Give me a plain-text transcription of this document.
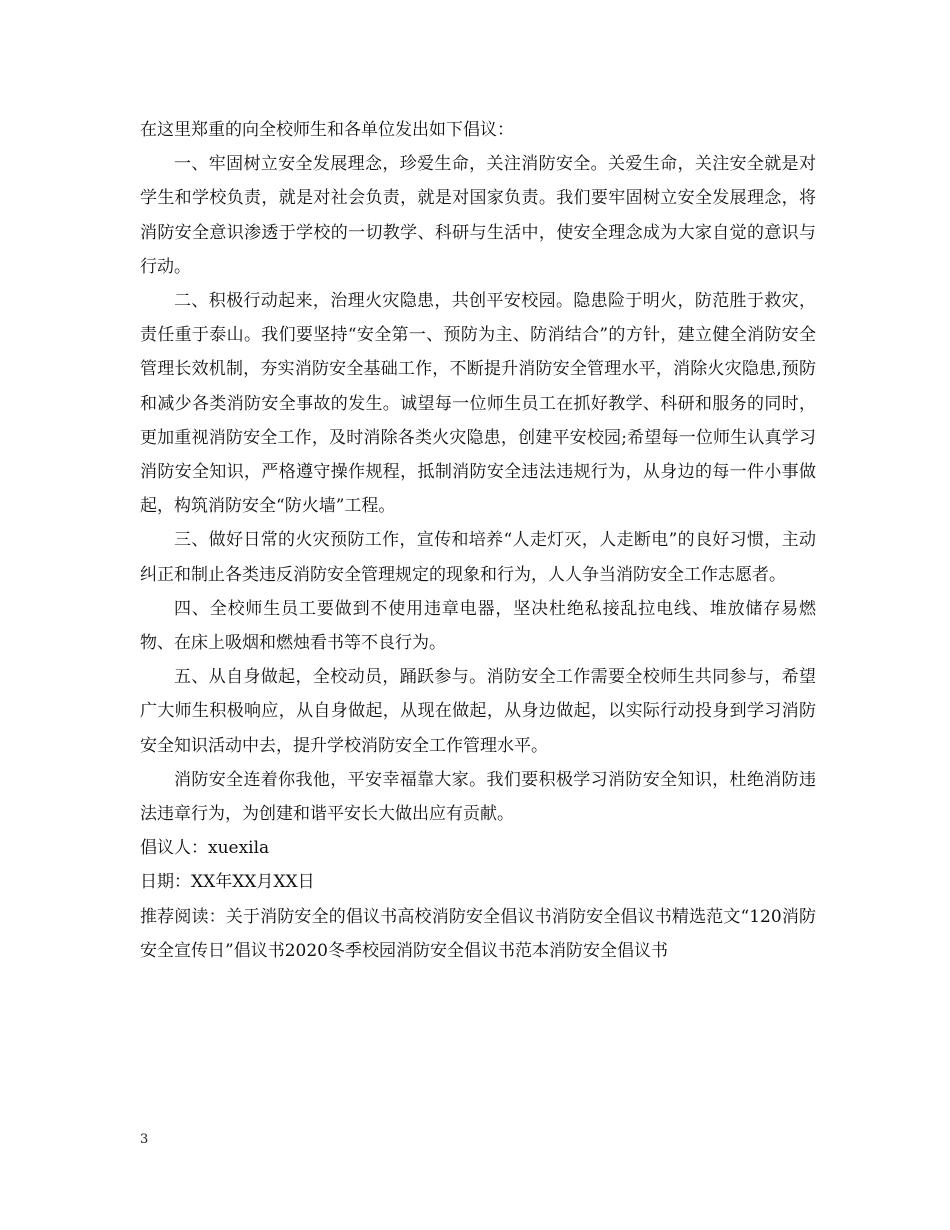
在这里郑重的向全校师生和各单位发出如下倡议：

一、牢固树立安全发展理念，珍爱生命，关注消防安全。关爱生命，关注安全就是对学生和学校负责，就是对社会负责，就是对国家负责。我们要牢固树立安全发展理念，将消防安全意识渗透于学校的一切教学、科研与生活中，使安全理念成为大家自觉的意识与行动。

二、积极行动起来，治理火灾隐患，共创平安校园。隐患险于明火，防范胜于救灾，责任重于泰山。我们要坚持“安全第一、预防为主、防消结合”的方针，建立健全消防安全管理长效机制，夯实消防安全基础工作，不断提升消防安全管理水平，消除火灾隐患,预防和减少各类消防安全事故的发生。诚望每一位师生员工在抓好教学、科研和服务的同时，更加重视消防安全工作，及时消除各类火灾隐患，创建平安校园;希望每一位师生认真学习消防安全知识，严格遵守操作规程，抵制消防安全违法违规行为，从身边的每一件小事做起，构筑消防安全“防火墙”工程。

三、做好日常的火灾预防工作，宣传和培养“人走灯灭，人走断电”的良好习惯，主动纠正和制止各类违反消防安全管理规定的现象和行为，人人争当消防安全工作志愿者。

四、全校师生员工要做到不使用违章电器，坚决杜绝私接乱拉电线、堆放储存易燃物、在床上吸烟和燃烛看书等不良行为。

五、从自身做起，全校动员，踊跃参与。消防安全工作需要全校师生共同参与，希望广大师生积极响应，从自身做起，从现在做起，从身边做起，以实际行动投身到学习消防安全知识活动中去，提升学校消防安全工作管理水平。

消防安全连着你我他，平安幸福靠大家。我们要积极学习消防安全知识，杜绝消防违法违章行为，为创建和谐平安长大做出应有贡献。

倡议人：xuexila

日期：XX年XX月XX日

推荐阅读：关于消防安全的倡议书高校消防安全倡议书消防安全倡议书精选范文“120消防安全宣传日”倡议书2020冬季校园消防安全倡议书范本消防安全倡议书

3
